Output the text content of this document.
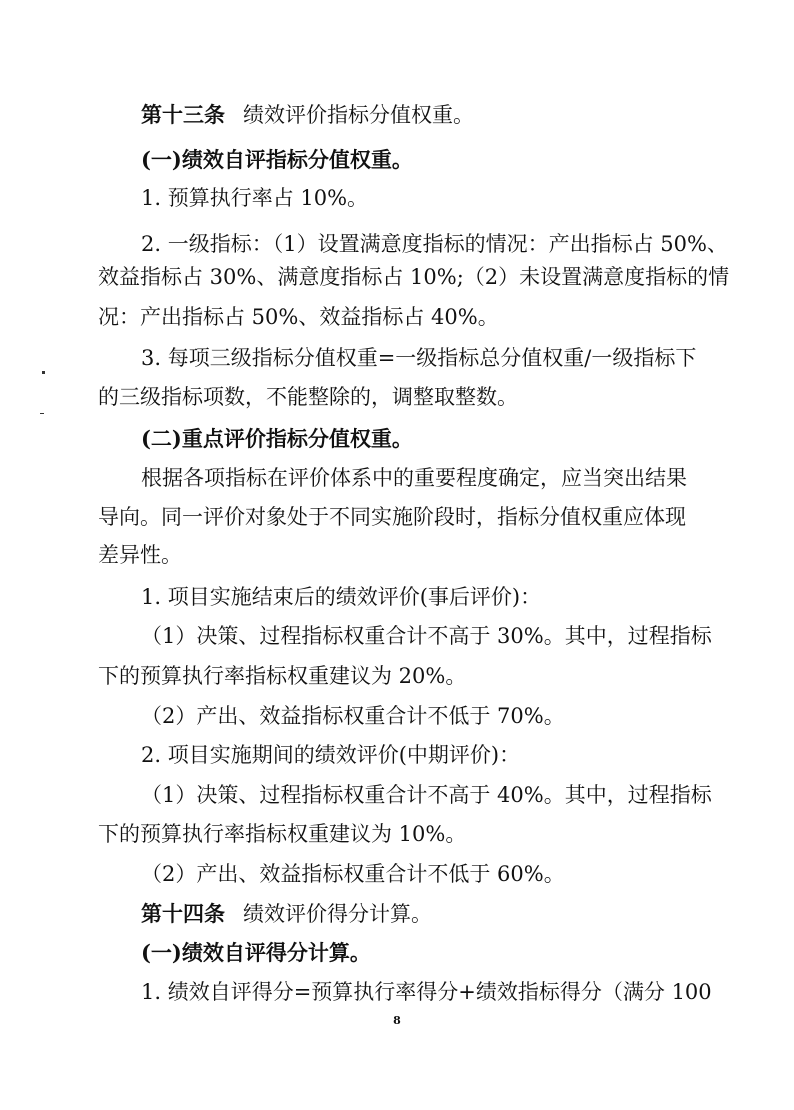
第十三条 绩效评价指标分值权重。
(一)绩效自评指标分值权重。
1. 预算执行率占 10%。
2. 一级指标：（1）设置满意度指标的情况：产出指标占 50%、
效益指标占 30%、满意度指标占 10%;（2）未设置满意度指标的情
况：产出指标占 50%、效益指标占 40%。
3. 每项三级指标分值权重=一级指标总分值权重/一级指标下
的三级指标项数，不能整除的，调整取整数。
(二)重点评价指标分值权重。
根据各项指标在评价体系中的重要程度确定，应当突出结果
导向。同一评价对象处于不同实施阶段时，指标分值权重应体现
差异性。
1. 项目实施结束后的绩效评价(事后评价)：
（1）决策、过程指标权重合计不高于 30%。其中，过程指标
下的预算执行率指标权重建议为 20%。
（2）产出、效益指标权重合计不低于 70%。
2. 项目实施期间的绩效评价(中期评价)：
（1）决策、过程指标权重合计不高于 40%。其中，过程指标
下的预算执行率指标权重建议为 10%。
（2）产出、效益指标权重合计不低于 60%。
第十四条 绩效评价得分计算。
(一)绩效自评得分计算。
1. 绩效自评得分=预算执行率得分+绩效指标得分（满分 100
8
